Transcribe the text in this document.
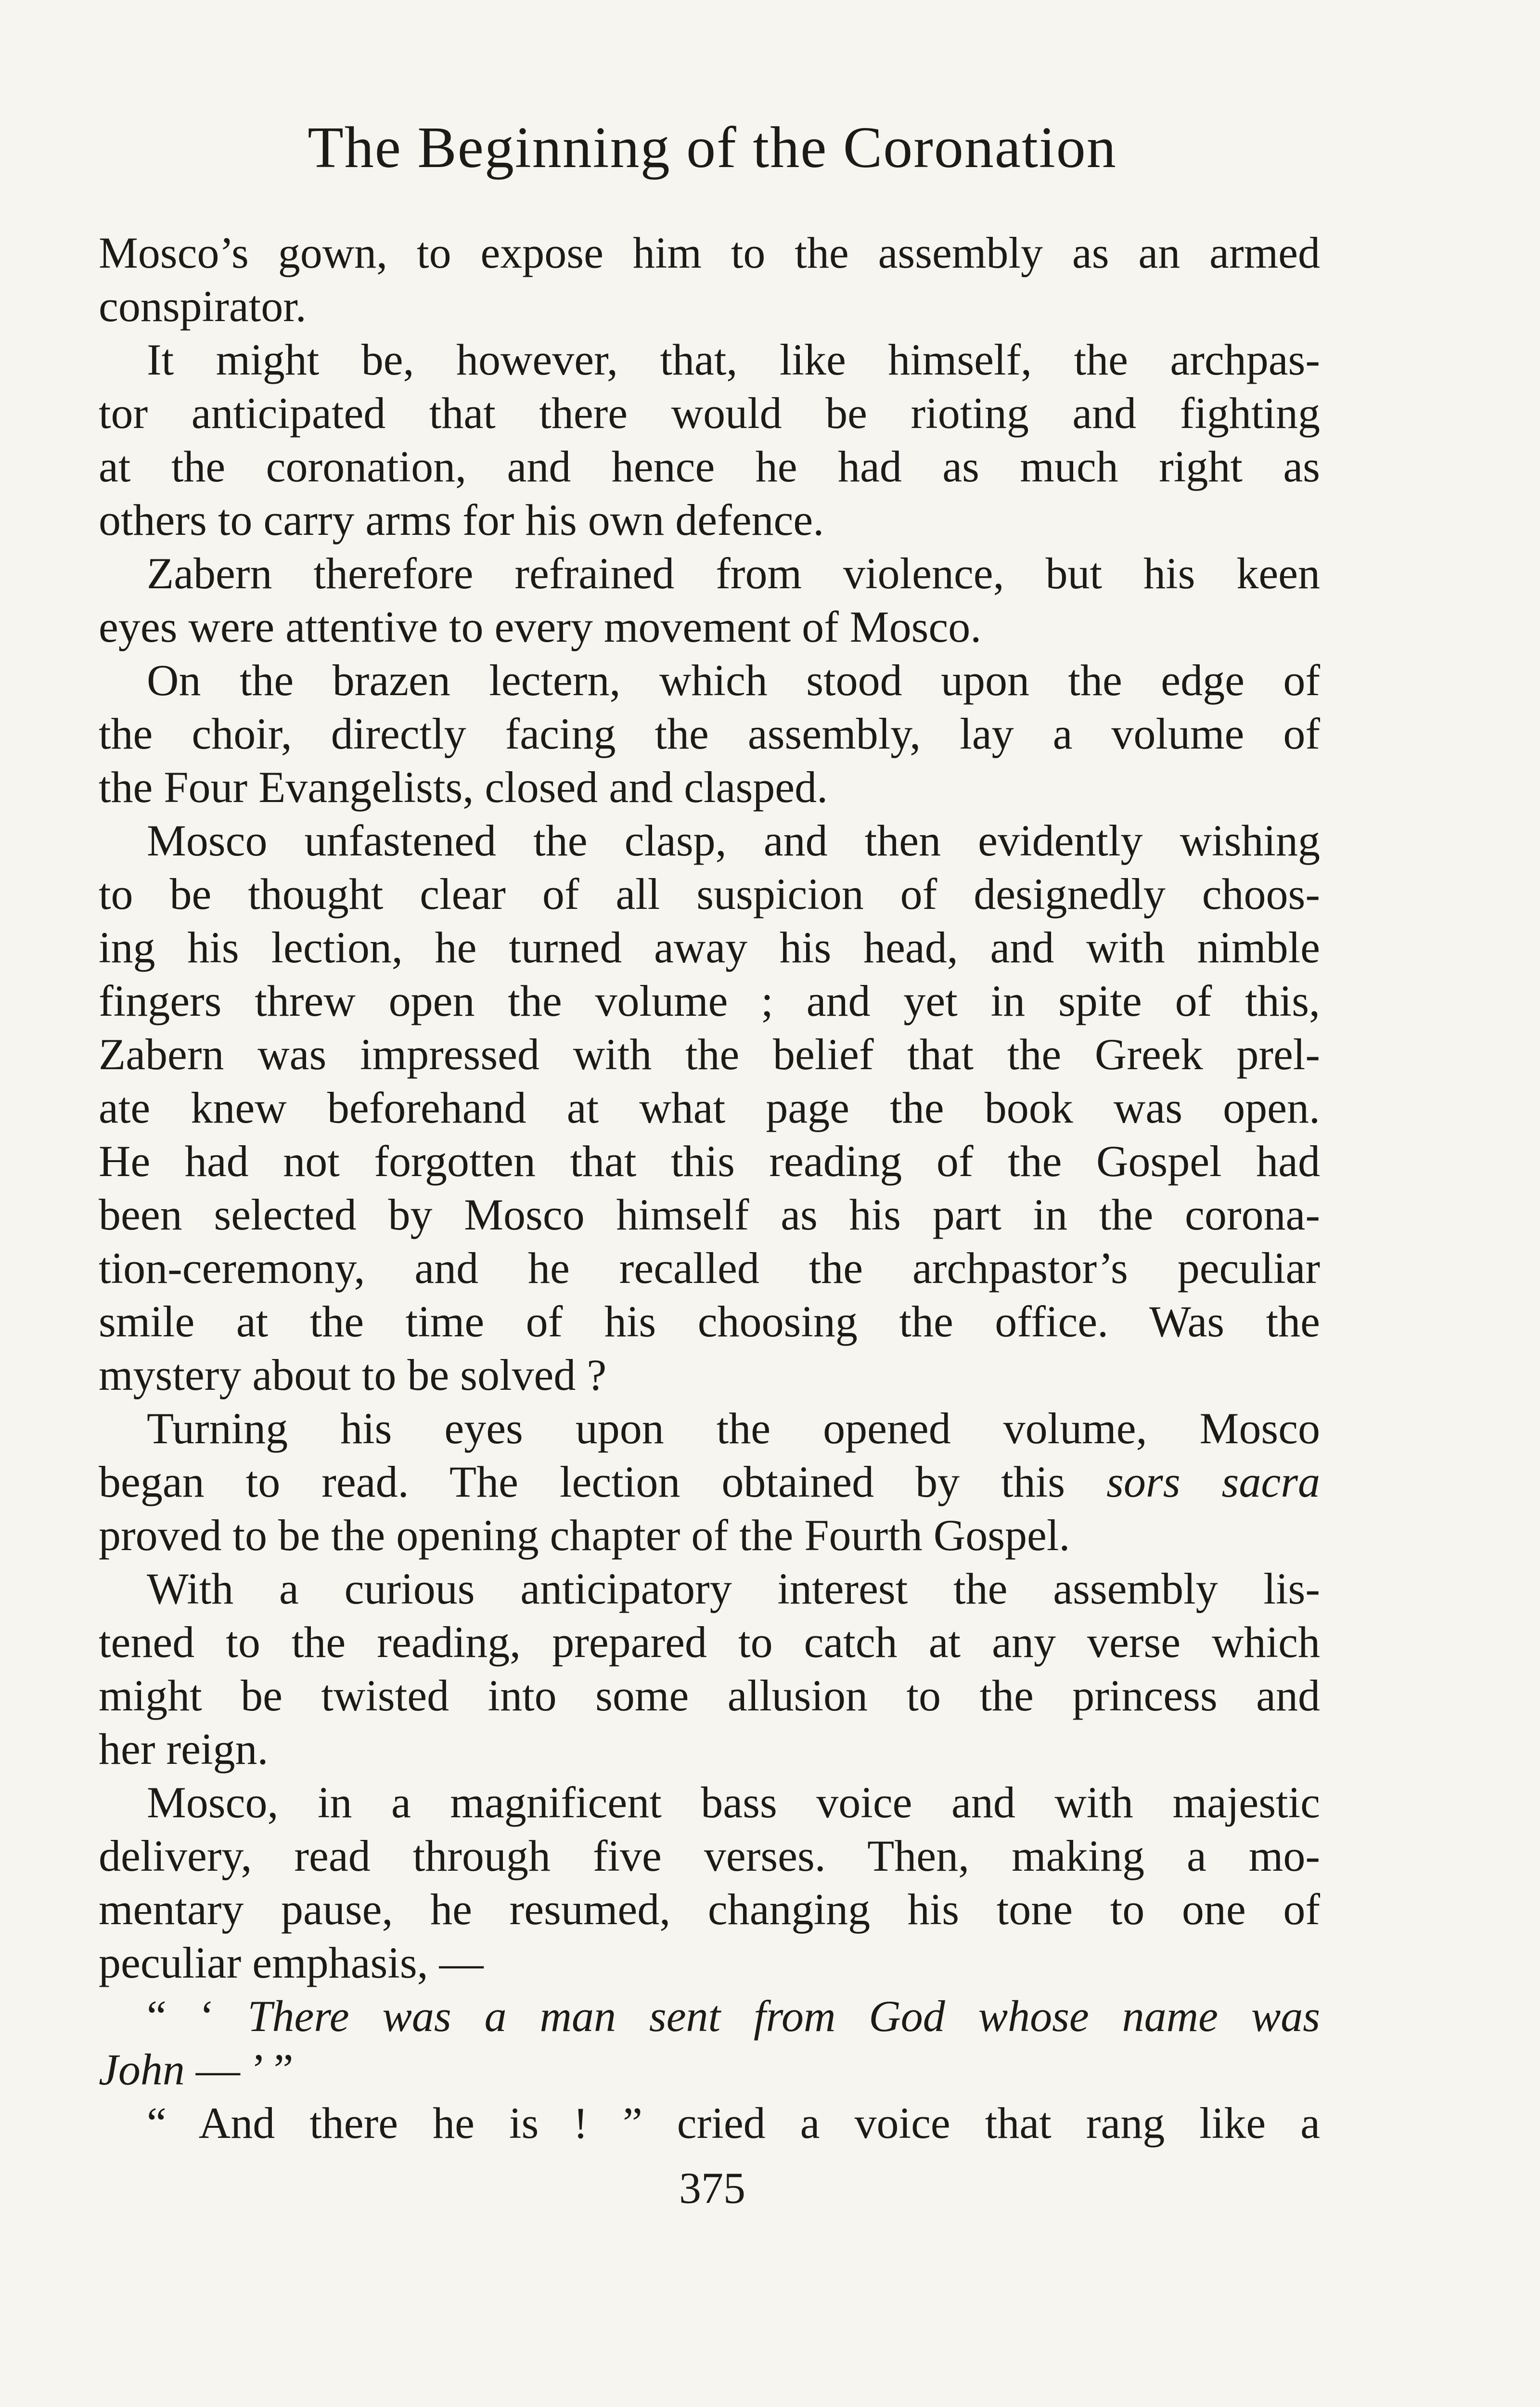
The Beginning of the Coronation
Mosco’s gown, to expose him to the assembly as an armed
conspirator.
It might be, however, that, like himself, the archpas-
tor anticipated that there would be rioting and fighting
at the coronation, and hence he had as much right as
others to carry arms for his own defence.
Zabern therefore refrained from violence, but his keen
eyes were attentive to every movement of Mosco.
On the brazen lectern, which stood upon the edge of
the choir, directly facing the assembly, lay a volume of
the Four Evangelists, closed and clasped.
Mosco unfastened the clasp, and then evidently wishing
to be thought clear of all suspicion of designedly choos-
ing his lection, he turned away his head, and with nimble
fingers threw open the volume ; and yet in spite of this,
Zabern was impressed with the belief that the Greek prel-
ate knew beforehand at what page the book was open.
He had not forgotten that this reading of the Gospel had
been selected by Mosco himself as his part in the corona-
tion-ceremony, and he recalled the archpastor’s peculiar
smile at the time of his choosing the office. Was the
mystery about to be solved ?
Turning his eyes upon the opened volume, Mosco
began to read. The lection obtained by this sors sacra
proved to be the opening chapter of the Fourth Gospel.
With a curious anticipatory interest the assembly lis-
tened to the reading, prepared to catch at any verse which
might be twisted into some allusion to the princess and
her reign.
Mosco, in a magnificent bass voice and with majestic
delivery, read through five verses. Then, making a mo-
mentary pause, he resumed, changing his tone to one of
peculiar emphasis, —
“ ‘ There was a man sent from God whose name was
John — ’ ”
“ And there he is ! ” cried a voice that rang like a
375
